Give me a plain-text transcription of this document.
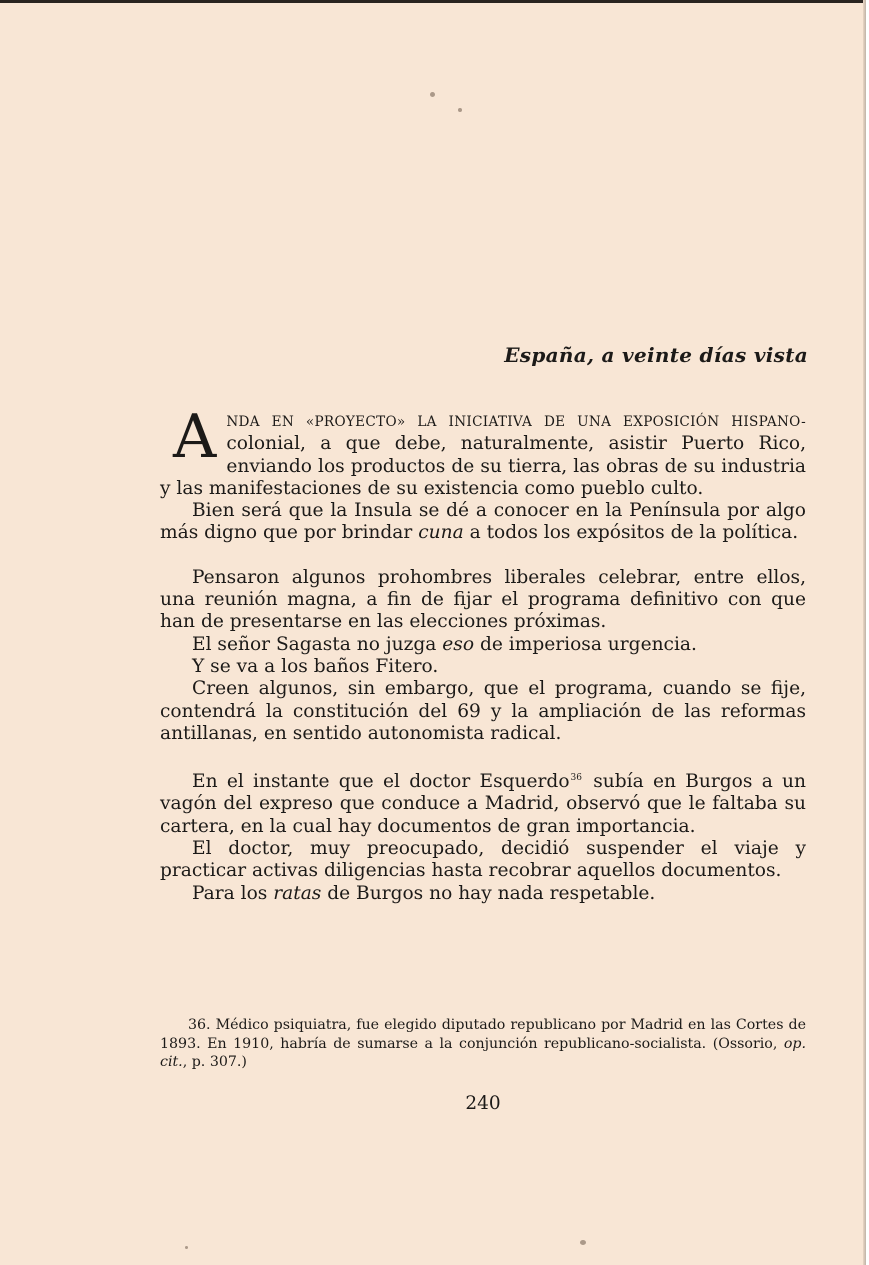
España, a veinte días vista

A NDA EN «PROYECTO» LA INICIATIVA DE UNA EXPOSICIÓN HISPANO- colonial, a que debe, naturalmente, asistir Puerto Rico, enviando los productos de su tierra, las obras de su industria y las manifestaciones de su existencia como pueblo culto.

Bien será que la Insula se dé a conocer en la Península por algo más digno que por brindar cuna a todos los expósitos de la política.

Pensaron algunos prohombres liberales celebrar, entre ellos, una reunión magna, a fin de fijar el programa definitivo con que han de presentarse en las elecciones próximas.

El señor Sagasta no juzga eso de imperiosa urgencia.

Y se va a los baños Fitero.

Creen algunos, sin embargo, que el programa, cuando se fije, contendrá la constitución del 69 y la ampliación de las reformas antillanas, en sentido autonomista radical.

En el instante que el doctor Esquerdo$^{36}$ subía en Burgos a un vagón del expreso que conduce a Madrid, observó que le faltaba su cartera, en la cual hay documentos de gran importancia.

El doctor, muy preocupado, decidió suspender el viaje y practicar activas diligencias hasta recobrar aquellos documentos.

Para los ratas de Burgos no hay nada respetable.

36. Médico psiquiatra, fue elegido diputado republicano por Madrid en las Cortes de 1893. En 1910, habría de sumarse a la conjunción republicano-socialista. (Ossorio, op. cit., p. 307.)

240
